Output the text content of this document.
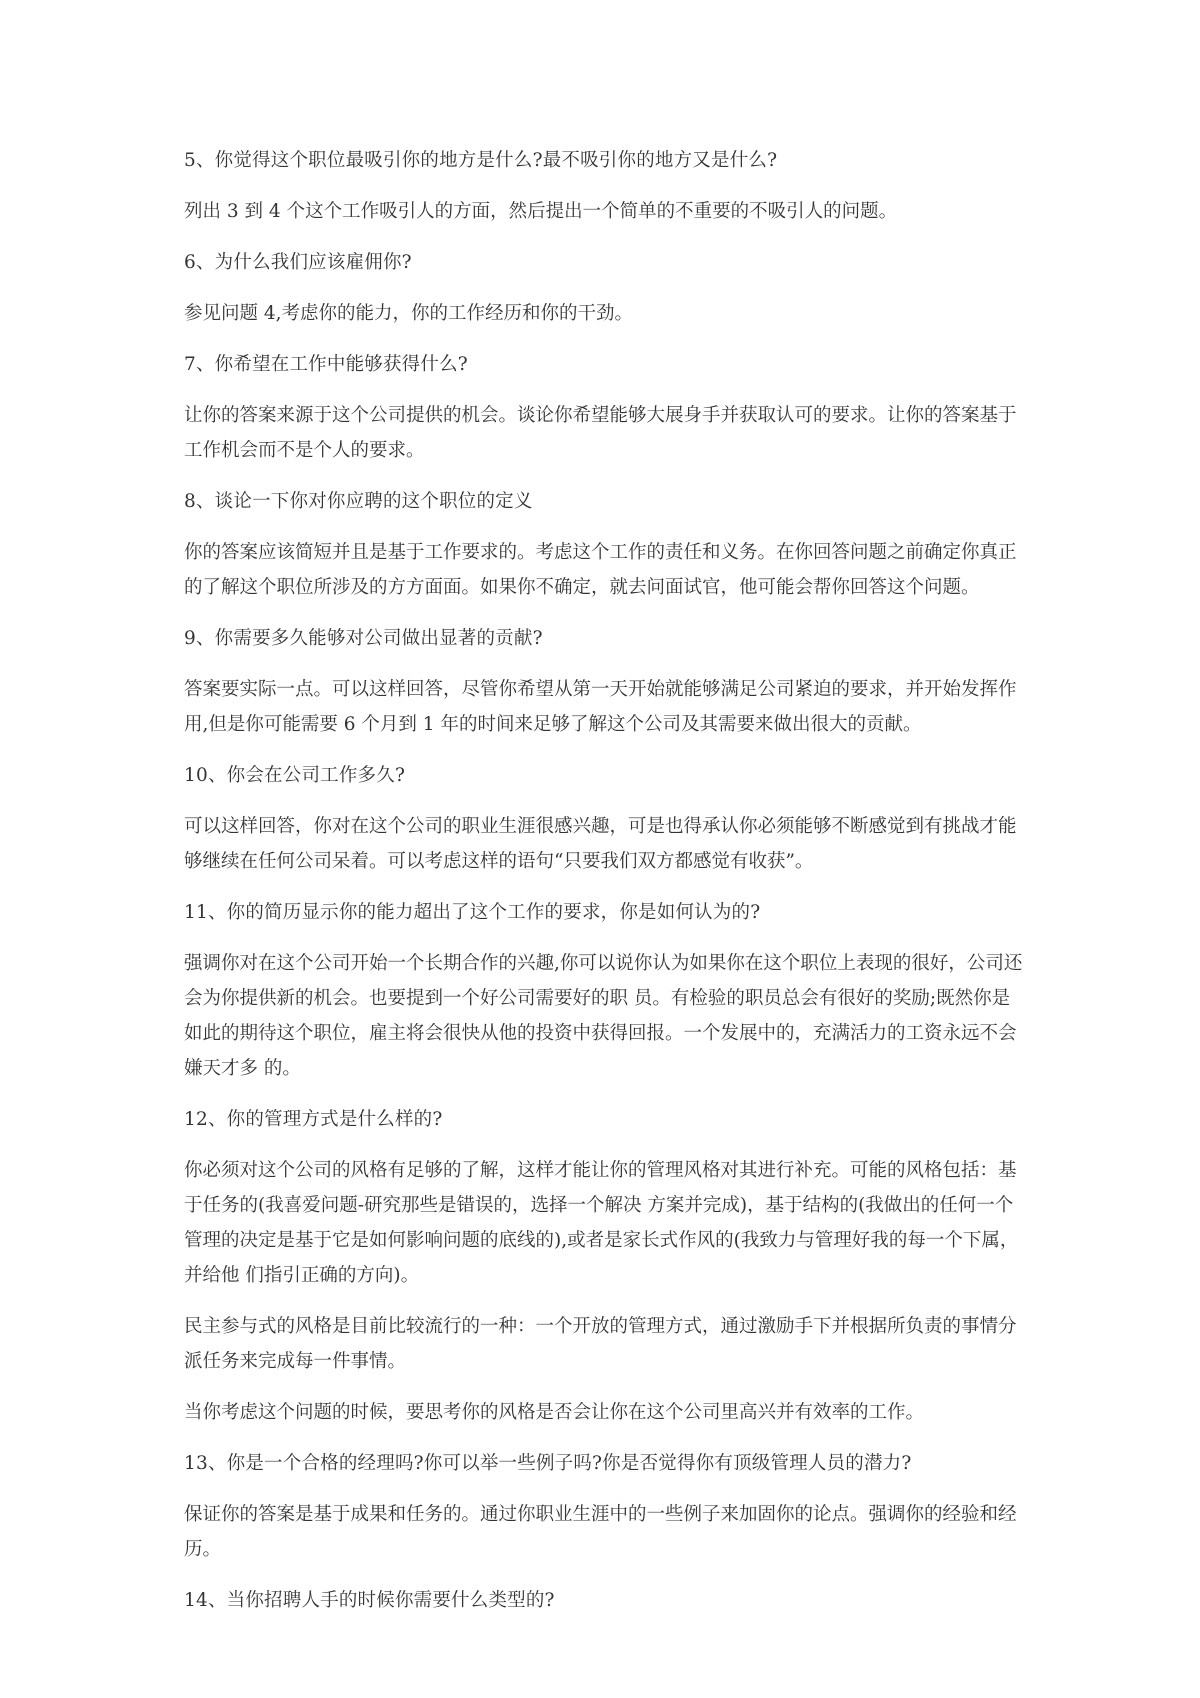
5、你觉得这个职位最吸引你的地方是什么?最不吸引你的地方又是什么?

列出 3 到 4 个这个工作吸引人的方面，然后提出一个简单的不重要的不吸引人的问题。

6、为什么我们应该雇佣你?

参见问题 4,考虑你的能力，你的工作经历和你的干劲。

7、你希望在工作中能够获得什么?

让你的答案来源于这个公司提供的机会。谈论你希望能够大展身手并获取认可的要求。让你的答案基于工作机会而不是个人的要求。

8、谈论一下你对你应聘的这个职位的定义

你的答案应该简短并且是基于工作要求的。考虑这个工作的责任和义务。在你回答问题之前确定你真正的了解这个职位所涉及的方方面面。如果你不确定，就去问面试官，他可能会帮你回答这个问题。

9、你需要多久能够对公司做出显著的贡献?

答案要实际一点。可以这样回答，尽管你希望从第一天开始就能够满足公司紧迫的要求，并开始发挥作用,但是你可能需要 6 个月到 1 年的时间来足够了解这个公司及其需要来做出很大的贡献。

10、你会在公司工作多久?

可以这样回答，你对在这个公司的职业生涯很感兴趣，可是也得承认你必须能够不断感觉到有挑战才能够继续在任何公司呆着。可以考虑这样的语句“只要我们双方都感觉有收获”。

11、你的简历显示你的能力超出了这个工作的要求，你是如何认为的?

强调你对在这个公司开始一个长期合作的兴趣,你可以说你认为如果你在这个职位上表现的很好，公司还会为你提供新的机会。也要提到一个好公司需要好的职 员。有检验的职员总会有很好的奖励;既然你是如此的期待这个职位，雇主将会很快从他的投资中获得回报。一个发展中的，充满活力的工资永远不会嫌天才多 的。

12、你的管理方式是什么样的?

你必须对这个公司的风格有足够的了解，这样才能让你的管理风格对其进行补充。可能的风格包括：基于任务的(我喜爱问题-研究那些是错误的，选择一个解决 方案并完成)，基于结构的(我做出的任何一个管理的决定是基于它是如何影响问题的底线的),或者是家长式作风的(我致力与管理好我的每一个下属，并给他 们指引正确的方向)。

民主参与式的风格是目前比较流行的一种：一个开放的管理方式，通过激励手下并根据所负责的事情分派任务来完成每一件事情。

当你考虑这个问题的时候，要思考你的风格是否会让你在这个公司里高兴并有效率的工作。

13、你是一个合格的经理吗?你可以举一些例子吗?你是否觉得你有顶级管理人员的潜力?

保证你的答案是基于成果和任务的。通过你职业生涯中的一些例子来加固你的论点。强调你的经验和经历。

14、当你招聘人手的时候你需要什么类型的?
